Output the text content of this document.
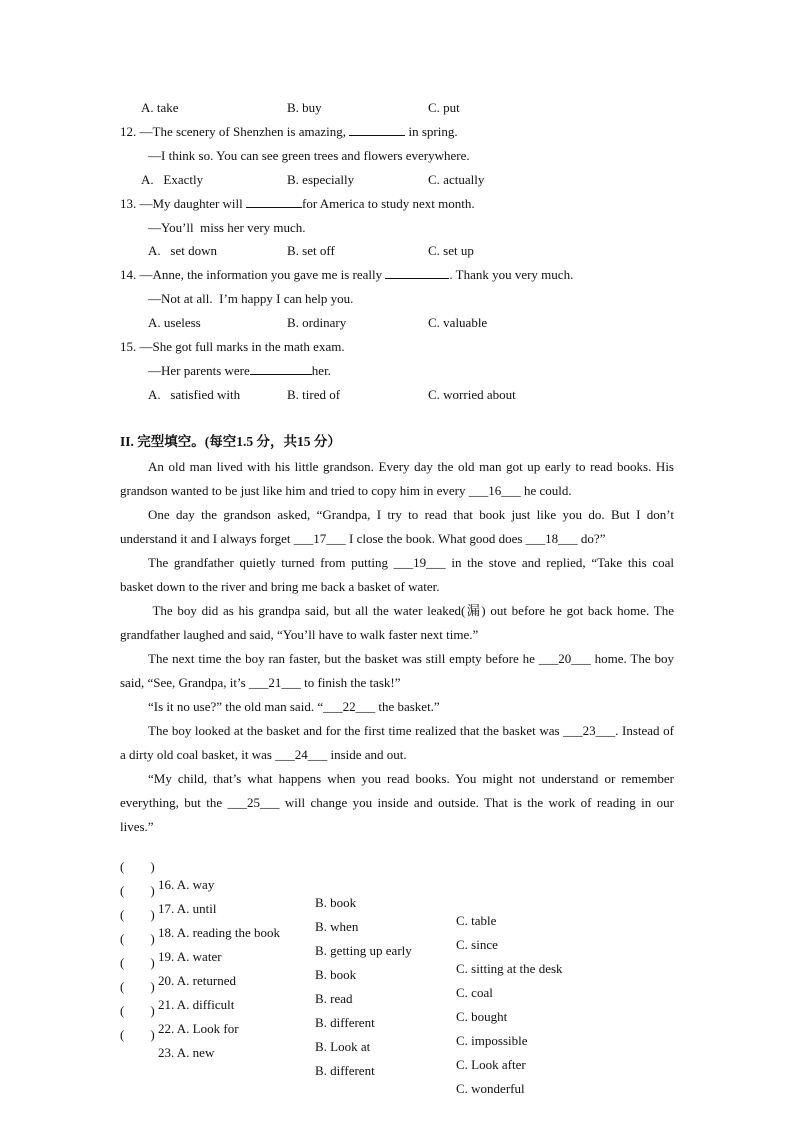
A. take	B. buy	C. put
12. —The scenery of Shenzhen is amazing,	in spring.
—I think so. You can see green trees and flowers everywhere.
A.   Exactly	B. especially	C. actually
13. —My daughter will	for America to study next month.
—You’ll  miss her very much.
A.   set down	B. set off	C. set up
14. —Anne, the information you gave me is really	. Thank you very much.
—Not at all.  I’m happy I can help you.
A. useless	B. ordinary	C. valuable
15. —She got full marks in the math exam.
—Her parents were	her.
A.   satisfied with	B. tired of	C. worried about
II. 完型填空。(每空1.5 分，共15 分）
An old man lived with his little grandson. Every day the old man got up early to read books. His grandson wanted to be just like him and tried to copy him in every ___16___ he could.
One day the grandson asked, “Grandpa, I try to read that book just like you do. But I don’t understand it and I always forget ___17___ I close the book. What good does ___18___ do?”
The grandfather quietly turned from putting ___19___ in the stove and replied, “Take this coal basket down to the river and bring me back a basket of water.
The boy did as his grandpa said, but all the water leaked(漏) out before he got back home. The grandfather laughed and said, “You’ll have to walk faster next time.”
The next time the boy ran faster, but the basket was still empty before he ___20___ home. The boy said, “See, Grandpa, it’s ___21___ to finish the task!”
“Is it no use?” the old man said. “___22___ the basket.”
The boy looked at the basket and for the first time realized that the basket was ___23___. Instead of a dirty old coal basket, it was ___24___ inside and out.
“My child, that’s what happens when you read books. You might not understand or remember everything, but the ___25___ will change you inside and outside. That is the work of reading in our lives.”

(        )

16. A. way

B. book

C. table

(        )

17. A. until

B. when

C. since

(        )

18. A. reading the book

B. getting up early

C. sitting at the desk

(        )

19. A. water

B. book

C. coal

(        )

20. A. returned

B. read

C. bought

(        )

21. A. difficult

B. different

C. impossible

(        )

22. A. Look for

B. Look at

C. Look after

(        )

23. A. new

B. different

C. wonderful
